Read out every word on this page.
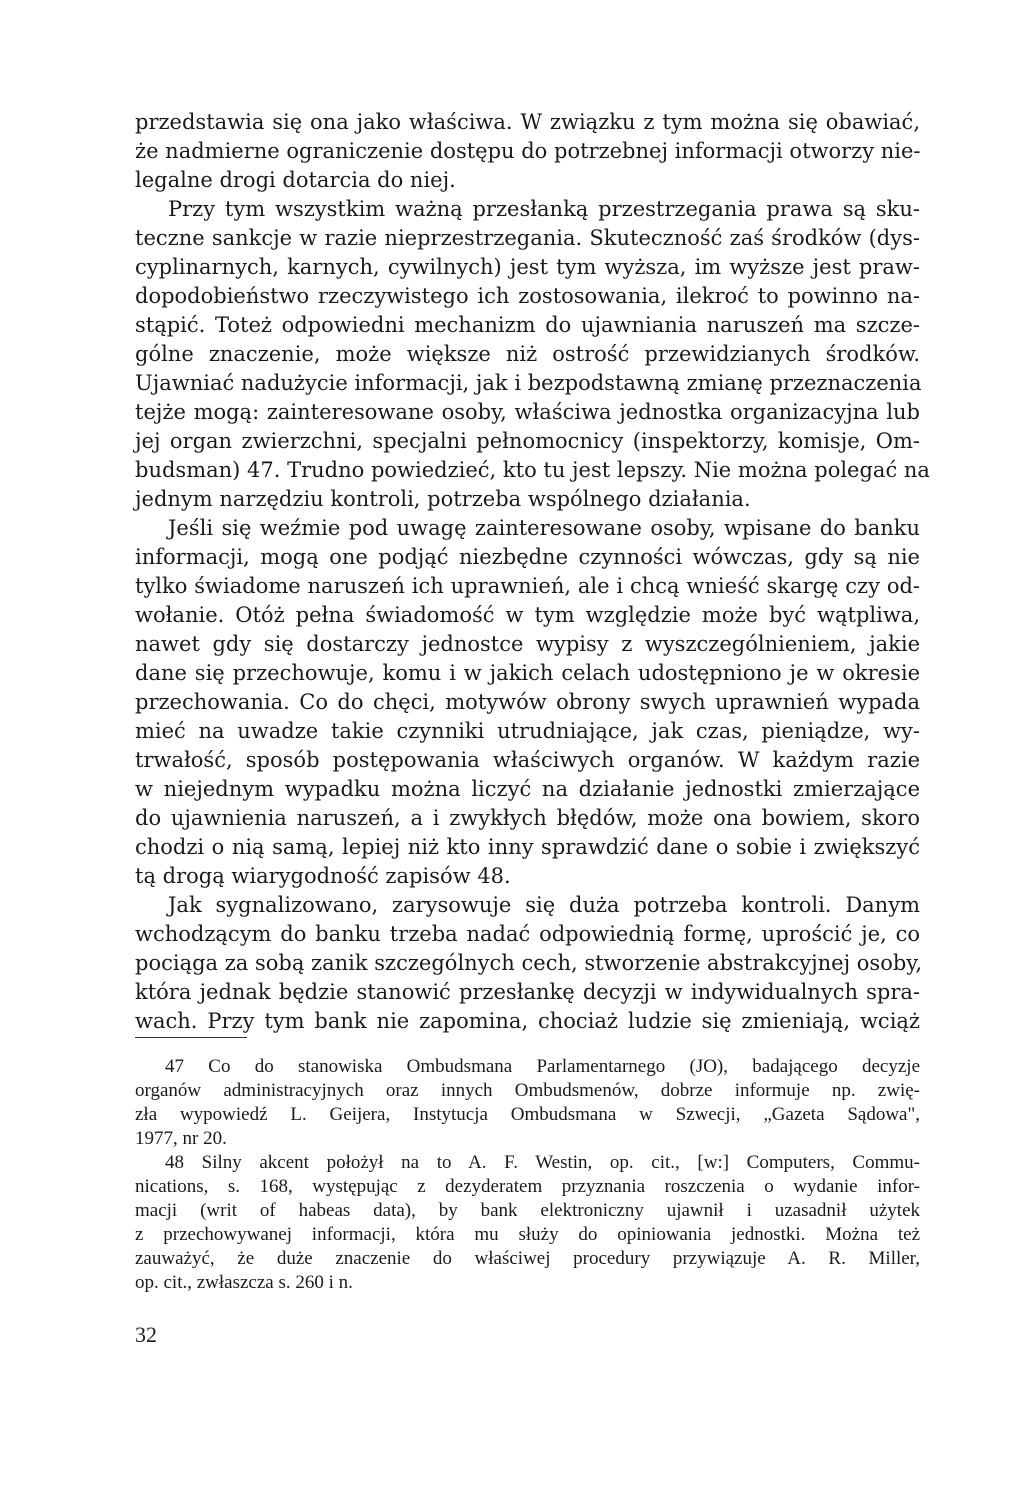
przedstawia się ona jako właściwa. W związku z tym można się obawiać,
że nadmierne ograniczenie dostępu do potrzebnej informacji otworzy nie-
legalne drogi dotarcia do niej.
Przy tym wszystkim ważną przesłanką przestrzegania prawa są sku-
teczne sankcje w razie nieprzestrzegania. Skuteczność zaś środków (dys-
cyplinarnych, karnych, cywilnych) jest tym wyższa, im wyższe jest praw-
dopodobieństwo rzeczywistego ich zostosowania, ilekroć to powinno na-
stąpić. Toteż odpowiedni mechanizm do ujawniania naruszeń ma szcze-
gólne znaczenie, może większe niż ostrość przewidzianych środków.
Ujawniać nadużycie informacji, jak i bezpodstawną zmianę przeznaczenia
tejże mogą: zainteresowane osoby, właściwa jednostka organizacyjna lub
jej organ zwierzchni, specjalni pełnomocnicy (inspektorzy, komisje, Om-
budsman) 47. Trudno powiedzieć, kto tu jest lepszy. Nie można polegać na
jednym narzędziu kontroli, potrzeba wspólnego działania.
Jeśli się weźmie pod uwagę zainteresowane osoby, wpisane do banku
informacji, mogą one podjąć niezbędne czynności wówczas, gdy są nie
tylko świadome naruszeń ich uprawnień, ale i chcą wnieść skargę czy od-
wołanie. Otóż pełna świadomość w tym względzie może być wątpliwa,
nawet gdy się dostarczy jednostce wypisy z wyszczególnieniem, jakie
dane się przechowuje, komu i w jakich celach udostępniono je w okresie
przechowania. Co do chęci, motywów obrony swych uprawnień wypada
mieć na uwadze takie czynniki utrudniające, jak czas, pieniądze, wy-
trwałość, sposób postępowania właściwych organów. W każdym razie
w niejednym wypadku można liczyć na działanie jednostki zmierzające
do ujawnienia naruszeń, a i zwykłych błędów, może ona bowiem, skoro
chodzi o nią samą, lepiej niż kto inny sprawdzić dane o sobie i zwiększyć
tą drogą wiarygodność zapisów 48.
Jak sygnalizowano, zarysowuje się duża potrzeba kontroli. Danym
wchodzącym do banku trzeba nadać odpowiednią formę, uprościć je, co
pociąga za sobą zanik szczególnych cech, stworzenie abstrakcyjnej osoby,
która jednak będzie stanowić przesłankę decyzji w indywidualnych spra-
wach. Przy tym bank nie zapomina, chociaż ludzie się zmieniają, wciąż
47 Co do stanowiska Ombudsmana Parlamentarnego (JO), badającego decyzje
organów administracyjnych oraz innych Ombudsmenów, dobrze informuje np. zwię-
zła wypowiedź L. Geijera, Instytucja Ombudsmana w Szwecji, „Gazeta Sądowa",
1977, nr 20.
48 Silny akcent położył na to A. F. Westin, op. cit., [w:] Computers, Commu-
nications, s. 168, występując z dezyderatem przyznania roszczenia o wydanie infor-
macji (writ of habeas data), by bank elektroniczny ujawnił i uzasadnił użytek
z przechowywanej informacji, która mu służy do opiniowania jednostki. Można też
zauważyć, że duże znaczenie do właściwej procedury przywiązuje A. R. Miller,
op. cit., zwłaszcza s. 260 i n.
32
